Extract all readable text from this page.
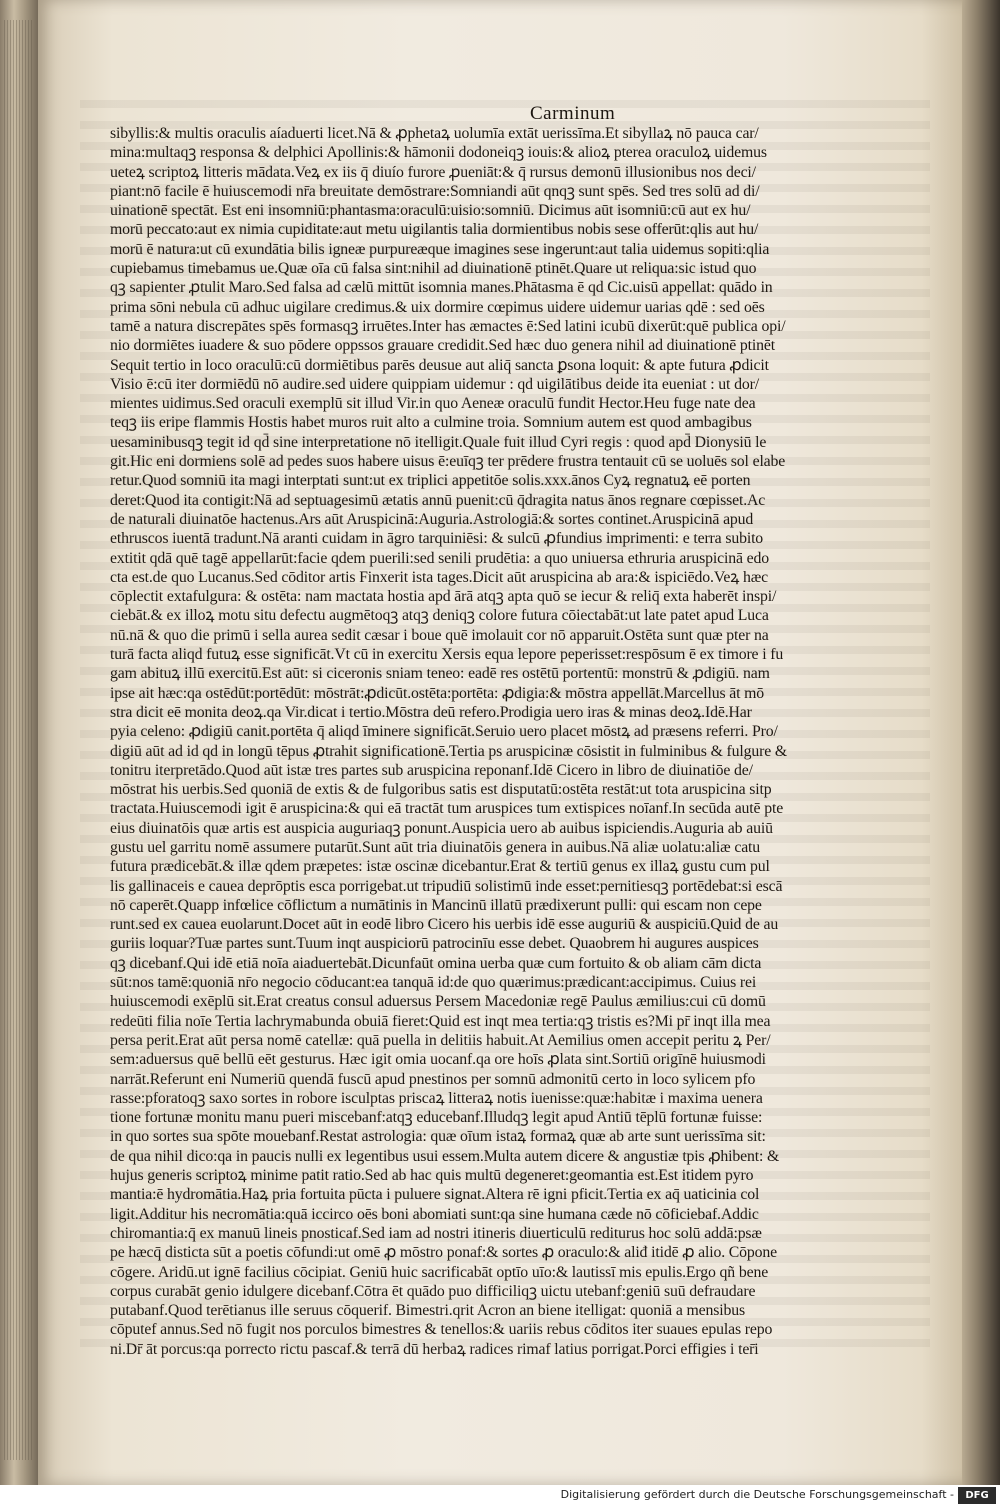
Carminum
sibyllis:& multis oraculis aíaduerti licet.Nā & ꝓphetaꝝ uolumīa extāt uerissīma.Et sibyllaꝝ nō pauca car/
mina:multaqꝫ responsa & delphici Apollinis:& hāmonii dodoneiqꝫ iouis:& alioꝝ pterea oraculoꝝ uidemus
ueteꝝ scriptoꝝ litteris mādata.Veꝝ ex iis q̄ diuío furore ꝓueniāt:& q̄ rursus demonū illusionibus nos deci/
piant:nō facile ē huiuscemodi nr̄a breuitate demōstrare:Somniandi aūt qnqꝫ sunt spēs. Sed tres solū ad di/
uinationē spectāt. Est eni insomniū:phantasma:oraculū:uisio:somniū. Dicimus aūt isomniū:cū aut ex hu/
morū peccato:aut ex nimia cupiditate:aut metu uigilantis talia dormientibus nobis sese offerūt:qlis aut hu/
morū ē natura:ut cū exundātia bilis igneæ purpureæque imagines sese ingerunt:aut talia uidemus sopiti:qlia
cupiebamus timebamus ue.Quæ oīa cū falsa sint:nihil ad diuinationē ptinēt.Quare ut reliqua:sic istud quo
qꝫ sapienter ꝓtulit Maro.Sed falsa ad cælū mittūt isomnia manes.Phātasma ē qd Cic.uisū appellat: quādo in
prima sōni nebula cū adhuc uigilare credimus.& uix dormire cœpimus uidere uidemur uarias qdē : sed oēs
tamē a natura discrepātes spēs formasqꝫ irruētes.Inter has æmactes ē:Sed latini icubū dixerūt:quē publica opi/
nio dormiētes iuadere & suo pōdere oppssos grauare credidit.Sed hæc duo genera nihil ad diuinationē ptinēt
Sequit tertio in loco oraculū:cū dormiētibus parēs deusue aut aliq̄ sancta ꝑsona loquit: & apte futura ꝓdicit
Visio ē:cū iter dormiēdū nō audire.sed uidere quippiam uidemur : qd uigilātibus deide ita eueniat : ut dor/
mientes uidimus.Sed oraculi exemplū sit illud Vir.in quo Aeneæ oraculū fundit Hector.Heu fuge nate dea
teqꝫ iis eripe flammis Hostis habet muros ruit alto a culmine troia. Somnium autem est quod ambagibus
uesaminibusqꝫ tegit id qd̄ sine interpretatione nō itelligit.Quale fuit illud Cyri regis : quod apd̄ Dionysiū le
git.Hic eni dormiens solē ad pedes suos habere uisus ē:euīqꝫ ter prēdere frustra tentauit cū se uoluēs sol elabe
retur.Quod somniū ita magi interptati sunt:ut ex triplici appetitōe solis.xxx.ānos Cyꝝ regnatuꝝ eē porten
deret:Quod ita contigit:Nā ad septuagesimū ætatis annū puenit:cū q̄dragita natus ānos regnare cœpisset.Ac
de naturali diuinatōe hactenus.Ars aūt Aruspicinā:Auguria.Astrologiā:& sortes continet.Aruspicinā apud
ethruscos iuentā tradunt.Nā aranti cuidam in āgro tarquiniēsi: & sulcū ꝓfundius imprimenti: e terra subito
extitit qdā quē tagē appellarūt:facie qdem puerili:sed senili prudētia: a quo uniuersa ethruria aruspicinā edo
cta est.de quo Lucanus.Sed cōditor artis Finxerit ista tages.Dicit aūt aruspicina ab ara:& ispiciēdo.Veꝝ hæc
cōplectit extafulgura: & ostēta: nam mactata hostia apd ārā atqꝫ apta quō se iecur & reliq̄ exta haberēt inspi/
ciebāt.& ex illoꝝ motu situ defectu augmētoqꝫ atqꝫ deniqꝫ colore futura cōiectabāt:ut late patet apud Luca
nū.nā & quo die primū i sella aurea sedit cæsar i boue quē imolauit cor nō apparuit.Ostēta sunt quæ pter na
turā facta aliqd futuꝝ esse significāt.Vt cū in exercitu Xersis equa lepore peperisset:respōsum ē ex timore i fu
gam abituꝝ illū exercitū.Est aūt: si ciceronis sniam teneo: eadē res ostētū portentū: monstrū & ꝓdigiū. nam
ipse ait hæc:qa ostēdūt:portēdūt: mōstrāt:ꝓdicūt.ostēta:portēta: ꝓdigia:& mōstra appellāt.Marcellus āt mō
stra dicit eē monita deoꝝ.qa Vir.dicat i tertio.Mōstra deū refero.Prodigia uero iras & minas deoꝝ.Idē.Har
pyia celeno: ꝓdigiū canit.portēta q̄ aliqd īminere significāt.Seruio uero placet mōstꝝ ad præsens referri. Pro/
digiū aūt ad id qd in longū tēpus ꝓtrahit significationē.Tertia ps aruspicinæ cōsistit in fulminibus & fulgure &
tonitru iterpretādo.Quod aūt istæ tres partes sub aruspicina reponanf.Idē Cicero in libro de diuinatiōe de/
mōstrat his uerbis.Sed quoniā de extis & de fulgoribus satis est disputatū:ostēta restāt:ut tota aruspicina sitp
tractata.Huiuscemodi igit ē aruspicina:& qui eā tractāt tum aruspices tum extispices noīanf.In secūda autē pte
eius diuinatōis quæ artis est auspicia auguriaqꝫ ponunt.Auspicia uero ab auibus ispiciendis.Auguria ab auiū
gustu uel garritu nomē assumere putarūt.Sunt aūt tria diuinatōis genera in auibus.Nā aliæ uolatu:aliæ catu
futura prædicebāt.& illæ qdem præpetes: istæ oscinæ dicebantur.Erat & tertiū genus ex illaꝝ gustu cum pul
lis gallinaceis e cauea deprōptis esca porrigebat.ut tripudiū solistimū inde esset:pernitiesqꝫ portēdebat:si escā
nō caperēt.Quapp infœlice cōflictum a numātinis in Mancinū illatū prædixerunt pulli: qui escam non cepe
runt.sed ex cauea euolarunt.Docet aūt in eodē libro Cicero his uerbis idē esse auguriū & auspiciū.Quid de au
guriis loquar?Tuæ partes sunt.Tuum inqt auspiciorū patrocinīu esse debet. Quaobrem hi augures auspices
qꝫ dicebanf.Qui idē etiā noīa aiaduertebāt.Dicunfaūt omina uerba quæ cum fortuito & ob aliam cām dicta
sūt:nos tamē:quoniā nr̄o negocio cōducant:ea tanquā id:de quo quærimus:prædicant:accipimus. Cuius rei
huiuscemodi exēplū sit.Erat creatus consul aduersus Persem Macedoniæ regē Paulus æmilius:cui cū domū
redeūti filia noīe Tertia lachrymabunda obuiā fieret:Quid est inqt mea tertia:qꝫ tristis es?Mi pr̄ inqt illa mea
persa perit.Erat aūt persa nomē catellæ: quā puella in delitiis habuit.At Aemilius omen accepit peritu ꝝ Per/
sem:aduersus quē bellū eēt gesturus. Hæc igit omia uocanf.qa ore hoīs ꝓlata sint.Sortiū origīnē huiusmodi
narrāt.Referunt eni Numeriū quendā fuscū apud pnestinos per somnū admonitū certo in loco sylicem pfo
rasse:pforatoqꝫ saxo sortes in robore isculptas priscaꝝ litteraꝝ notis iuenisse:quæ:habitæ i maxima uenera
tione fortunæ monitu manu pueri miscebanf:atqꝫ educebanf.Illudqꝫ legit apud Antiū tēplū fortunæ fuisse:
in quo sortes sua spōte mouebanf.Restat astrologia: quæ oīum istaꝝ formaꝝ quæ ab arte sunt uerissīma sit:
de qua nihil dico:qa in paucis nulli ex legentibus usui essem.Multa autem dicere & angustiæ tpis ꝓhibent: &
hujus generis scriptoꝝ minime patit ratio.Sed ab hac quis multū degeneret:geomantia est.Est itidem pyro
mantia:ē hydromātia.Haꝝ pria fortuita pūcta i puluere signat.Altera rē igni pficit.Tertia ex aq̄ uaticinia col
ligit.Additur his necromātia:quā iccirco oēs boni abomiati sunt:qa sine humana cæde nō cōficiebaf.Addic
chiromantia:q̄ ex manuū lineis pnosticaf.Sed iam ad nostri itineris diuerticulū rediturus hoc solū addā:psæ
pe hæcq̄ disticta sūt a poetis cōfundi:ut omē ꝓ mōstro ponaf:& sortes ꝓ oraculo:& aliđ itidē ꝓ alio. Cōpone
cōgere. Aridū.ut ignē facilius cōcipiat. Geniū huic sacrificabāt optīo uīo:& lautissī mis epulis.Ergo qñ bene
corpus curabāt genio idulgere dicebanf.Cōtra ēt quādo puo difficiliqꝫ uictu utebanf:geniū suū defraudare
putabanf.Quod terētianus ille seruus cōquerif. Bimestri.qrit Acron an biene itelligat: quoniā a mensibus
cōputef annus.Sed nō fugit nos porculos bimestres & tenellos:& uariis rebus cōditos iter suaues epulas repo
ni.Dr̄ āt porcus:qa porrecto rictu pascaf.& terrā dū herbaꝝ radices rimaf latius porrigat.Porci effigies i ter̄i
Digitalisierung gefördert durch die Deutsche Forschungsgemeinschaft -	DFG
